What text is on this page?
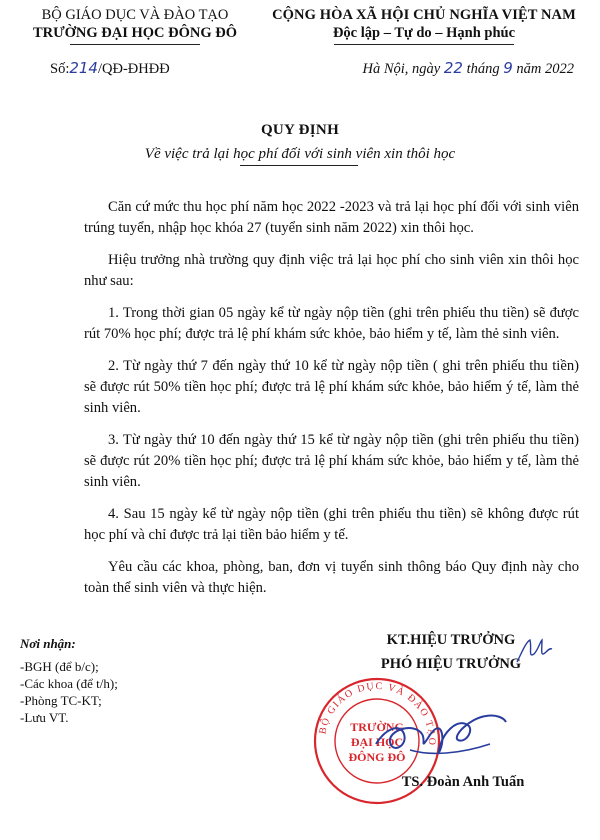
BỘ GIÁO DỤC VÀ ĐÀO TẠO
TRƯỜNG ĐẠI HỌC ĐÔNG ĐÔ
CỘNG HÒA XÃ HỘI CHỦ NGHĨA VIỆT NAM
Độc lập – Tự do – Hạnh phúc
Số:214/QĐ-ĐHĐĐ	Hà Nội, ngày 22 tháng 9 năm 2022
QUY ĐỊNH
Về việc trả lại học phí đối với sinh viên xin thôi học

Căn cứ mức thu học phí năm học 2022 -2023 và trả lại học phí đối với sinh viên trúng tuyển, nhập học khóa 27 (tuyển sinh năm 2022) xin thôi học.

Hiệu trưởng nhà trường quy định việc trả lại học phí cho sinh viên xin thôi học như sau:

1. Trong thời gian 05 ngày kể từ ngày nộp tiền (ghi trên phiếu thu tiền) sẽ được rút 70% học phí; được trả lệ phí khám sức khỏe, bảo hiểm y tế, làm thẻ sinh viên.

2. Từ ngày thứ 7 đến ngày thứ 10 kể từ ngày nộp tiền ( ghi trên phiếu thu tiền) sẽ được rút 50% tiền học phí; được trả lệ phí khám sức khỏe, bảo hiểm ý tế, làm thẻ sinh viên.

3. Từ ngày thứ 10 đến ngày thứ 15 kể từ ngày nộp tiền (ghi trên phiếu thu tiền) sẽ được rút 20% tiền học phí; được trả lệ phí khám sức khỏe, bảo hiểm y tế, làm thẻ sinh viên.

4. Sau 15 ngày kể từ ngày nộp tiền (ghi trên phiếu thu tiền) sẽ không được rút học phí và chỉ được trả lại tiền bảo hiểm y tế.

Yêu cầu các khoa, phòng, ban, đơn vị tuyển sinh thông báo Quy định này cho toàn thể sinh viên và thực hiện.

Nơi nhận:
-BGH (để b/c);
-Các khoa (để t/h);
-Phòng TC-KT;
-Lưu VT.
KT.HIỆU TRƯỞNG
PHÓ HIỆU TRƯỞNG
BỘ GIÁO DỤC VÀ ĐÀO TẠO
TRƯỜNG
ĐẠI HỌC
ĐÔNG ĐÔ
TS. Đoàn Anh Tuấn
